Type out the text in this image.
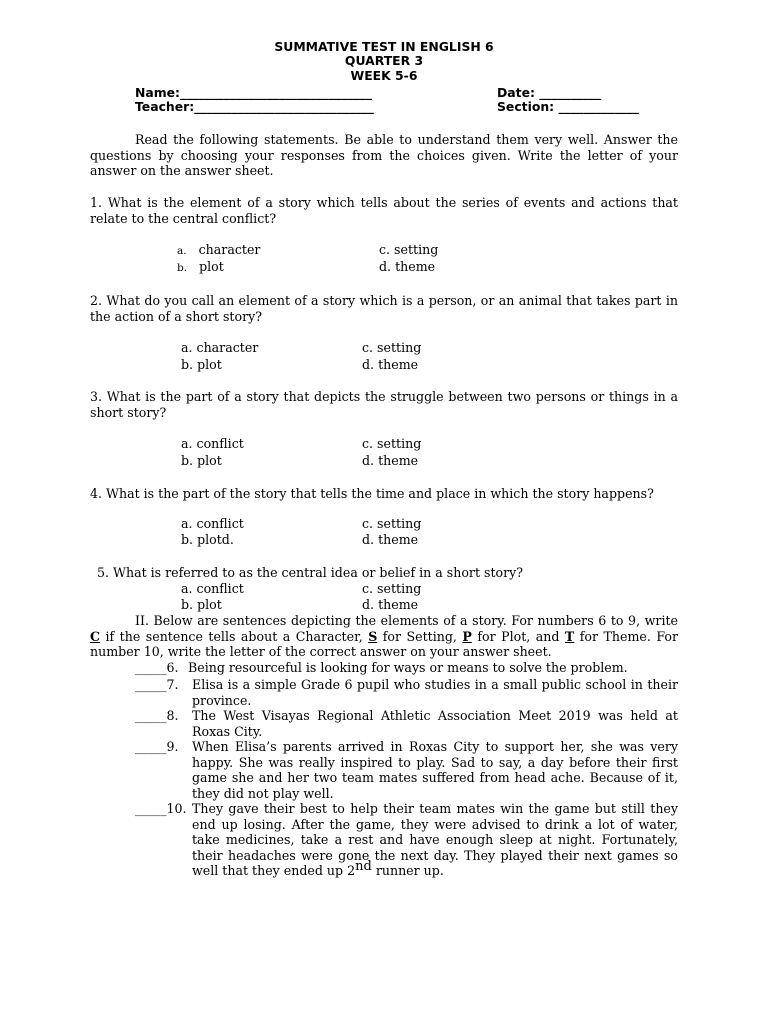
SUMMATIVE TEST IN ENGLISH 6
QUARTER 3
WEEK 5-6
Name:_______________________________	Date: __________
Teacher:_____________________________	Section: _____________
Read the following statements. Be able to understand them very well. Answer the questions by choosing your responses from the choices given. Write the letter of your answer on the answer sheet.
1. What is the element of a story which tells about the series of events and actions that relate to the central conflict?
a. character
b. plot
c. setting
d. theme
2. What do you call an element of a story which is a person, or an animal that takes part in the action of a short story?
a. character
b. plot
c. setting
d. theme
3. What is the part of a story that depicts the struggle between two persons or things in a short story?
a. conflict
b. plot
c. setting
d. theme
4. What is the part of the story that tells the time and place in which the story happens?
a. conflict
b. plotd.
c. setting
d. theme
5. What is referred to as the central idea or belief in a short story?
a. conflict
b. plot
c. setting
d. theme
II. Below are sentences depicting the elements of a story. For numbers 6 to 9, write C if the sentence tells about a Character, S for Setting, P for Plot, and T for Theme. For number 10, write the letter of the correct answer on your answer sheet.
_____6. Being resourceful is looking for ways or means to solve the problem.
_____7. Elisa is a simple Grade 6 pupil who studies in a small public school in their province.
_____8. The West Visayas Regional Athletic Association Meet 2019 was held at Roxas City.
_____9. When Elisa’s parents arrived in Roxas City to support her, she was very happy. She was really inspired to play. Sad to say, a day before their first game she and her two team mates suffered from head ache. Because of it, they did not play well.
_____10. They gave their best to help their team mates win the game but still they end up losing. After the game, they were advised to drink a lot of water, take medicines, take a rest and have enough sleep at night. Fortunately, their headaches were gone the next day. They played their next games so well that they ended up 2nd runner up.
